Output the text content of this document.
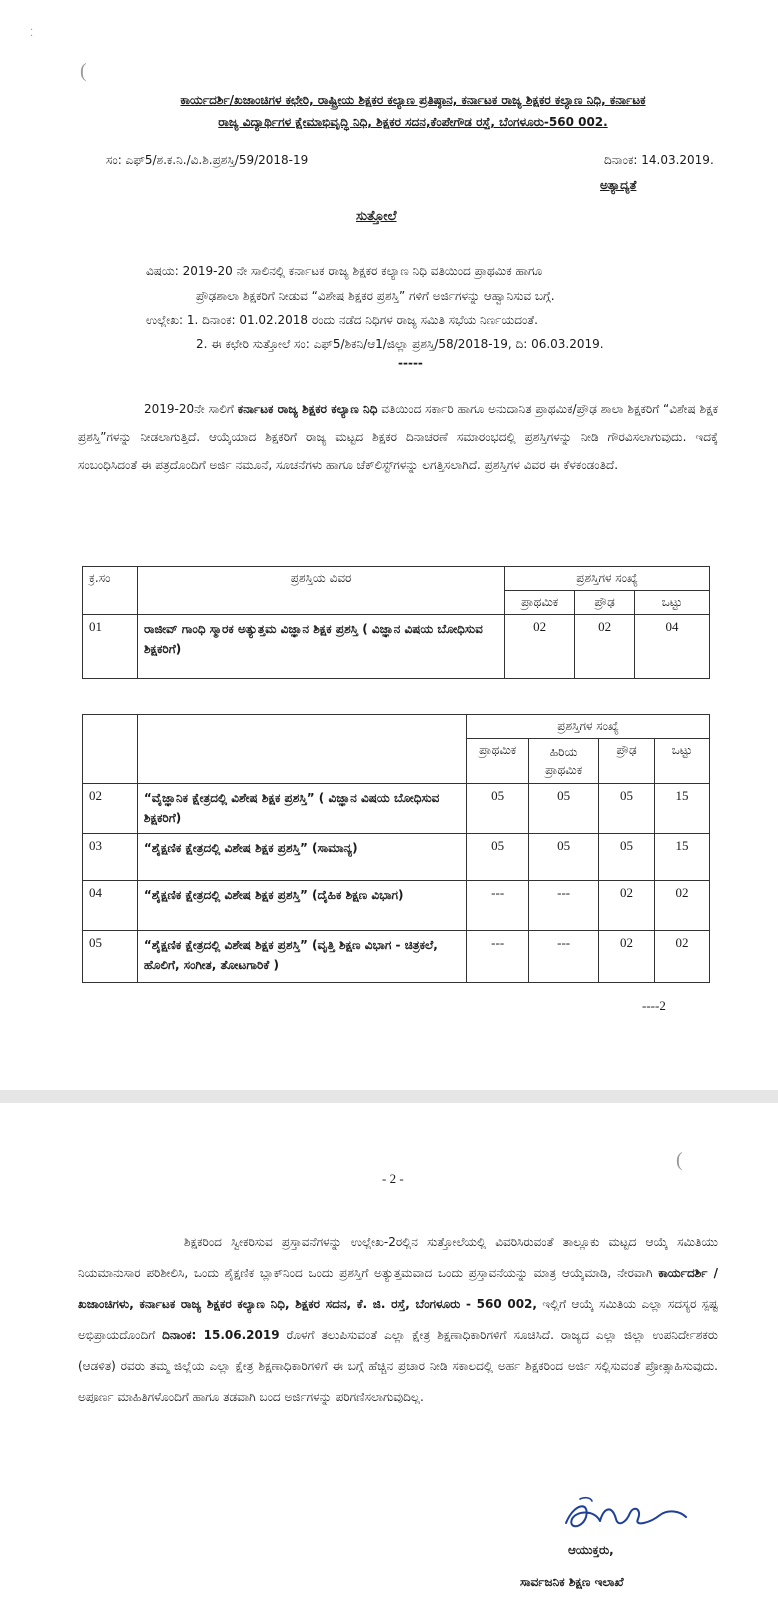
(
⁚
ಕಾರ್ಯದರ್ಶಿ/ಖಜಾಂಚಿಗಳ ಕಛೇರಿ, ರಾಷ್ಟ್ರೀಯ ಶಿಕ್ಷಕರ ಕಲ್ಯಾಣ ಪ್ರತಿಷ್ಠಾನ, ಕರ್ನಾಟಕ ರಾಜ್ಯ ಶಿಕ್ಷಕರ ಕಲ್ಯಾಣ ನಿಧಿ, ಕರ್ನಾಟಕ
ರಾಜ್ಯ ವಿದ್ಯಾರ್ಥಿಗಳ ಕ್ಷೇಮಾಭಿವೃದ್ಧಿ ನಿಧಿ, ಶಿಕ್ಷಕರ ಸದನ,ಕೆಂಪೇಗೌಡ ರಸ್ತೆ, ಬೆಂಗಳೂರು-560 002.
ಸಂ: ಎಫ್5/ಶ.ಕ.ನಿ./ವಿ.ಶಿ.ಪ್ರಶಸ್ತಿ/59/2018-19	ದಿನಾಂಕ: 14.03.2019.
ಅತ್ಯಾದ್ಯತೆ
ಸುತ್ತೋಲೆ
ವಿಷಯ: 2019-20 ನೇ ಸಾಲಿನಲ್ಲಿ ಕರ್ನಾಟಕ ರಾಜ್ಯ ಶಿಕ್ಷಕರ ಕಲ್ಯಾಣ ನಿಧಿ ವತಿಯಿಂದ ಪ್ರಾಥಮಿಕ ಹಾಗೂ
ಪ್ರೌಢಶಾಲಾ ಶಿಕ್ಷಕರಿಗೆ ನೀಡುವ “ವಿಶೇಷ ಶಿಕ್ಷಕರ ಪ್ರಶಸ್ತಿ” ಗಳಿಗೆ ಅರ್ಜಿಗಳನ್ನು ಆಹ್ವಾನಿಸುವ ಬಗ್ಗೆ.
ಉಲ್ಲೇಖ: 1. ದಿನಾಂಕ: 01.02.2018 ರಂದು ನಡೆದ ನಿಧಿಗಳ ರಾಜ್ಯ ಸಮಿತಿ ಸಭೆಯ ನಿರ್ಣಯದಂತೆ.
2. ಈ ಕಛೇರಿ ಸುತ್ತೋಲೆ ಸಂ: ಎಫ್5/ಶಿಕನಿ/ಆ1/ಜಿಲ್ಲಾ ಪ್ರಶಸ್ತಿ/58/2018-19, ದಿ: 06.03.2019.
-----
2019-20ನೇ ಸಾಲಿಗೆ ಕರ್ನಾಟಕ ರಾಜ್ಯ ಶಿಕ್ಷಕರ ಕಲ್ಯಾಣ ನಿಧಿ ವತಿಯಿಂದ ಸರ್ಕಾರಿ ಹಾಗೂ ಅನುದಾನಿತ ಪ್ರಾಥಮಿಕ/ಪ್ರೌಢ ಶಾಲಾ ಶಿಕ್ಷಕರಿಗೆ “ವಿಶೇಷ ಶಿಕ್ಷಕ ಪ್ರಶಸ್ತಿ”ಗಳನ್ನು ನೀಡಲಾಗುತ್ತಿದೆ. ಆಯ್ಕೆಯಾದ ಶಿಕ್ಷಕರಿಗೆ ರಾಜ್ಯ ಮಟ್ಟದ ಶಿಕ್ಷಕರ ದಿನಾಚರಣೆ ಸಮಾರಂಭದಲ್ಲಿ ಪ್ರಶಸ್ತಿಗಳನ್ನು ನೀಡಿ ಗೌರವಿಸಲಾಗುವುದು. ಇದಕ್ಕೆ ಸಂಬಂಧಿಸಿದಂತೆ ಈ ಪತ್ರದೊಂದಿಗೆ ಅರ್ಜಿ ನಮೂನೆ, ಸೂಚನೆಗಳು ಹಾಗೂ ಚೆಕ್‌ಲಿಸ್ಟ್‌ಗಳನ್ನು ಲಗತ್ತಿಸಲಾಗಿದೆ. ಪ್ರಶಸ್ತಿಗಳ ವಿವರ ಈ ಕೆಳಕಂಡಂತಿದೆ.
ಕ್ರ.ಸಂ	ಪ್ರಶಸ್ತಿಯ ವಿವರ	ಪ್ರಶಸ್ತಿಗಳ ಸಂಖ್ಯೆ		
		ಪ್ರಾಥಮಿಕ	ಪ್ರೌಢ	ಒಟ್ಟು
01	ರಾಜೀವ್ ಗಾಂಧಿ ಸ್ಮಾರಕ ಅತ್ಯುತ್ತಮ ವಿಜ್ಞಾನ ಶಿಕ್ಷಕ ಪ್ರಶಸ್ತಿ ( ವಿಜ್ಞಾನ ವಿಷಯ ಬೋಧಿಸುವ ಶಿಕ್ಷಕರಿಗೆ)	02	02	04
		ಪ್ರಶಸ್ತಿಗಳ ಸಂಖ್ಯೆ			
		ಪ್ರಾಥಮಿಕ	ಹಿರಿಯ ಪ್ರಾಥಮಿಕ	ಪ್ರೌಢ	ಒಟ್ಟು
02	“ವೈಜ್ಞಾನಿಕ ಕ್ಷೇತ್ರದಲ್ಲಿ ವಿಶೇಷ ಶಿಕ್ಷಕ ಪ್ರಶಸ್ತಿ” ( ವಿಜ್ಞಾನ ವಿಷಯ ಬೋಧಿಸುವ ಶಿಕ್ಷಕರಿಗೆ)	05	05	05	15
03	“ಶೈಕ್ಷಣಿಕ ಕ್ಷೇತ್ರದಲ್ಲಿ ವಿಶೇಷ ಶಿಕ್ಷಕ ಪ್ರಶಸ್ತಿ” (ಸಾಮಾನ್ಯ)	05	05	05	15
04	“ಶೈಕ್ಷಣಿಕ ಕ್ಷೇತ್ರದಲ್ಲಿ ವಿಶೇಷ ಶಿಕ್ಷಕ ಪ್ರಶಸ್ತಿ” (ದೈಹಿಕ ಶಿಕ್ಷಣ ವಿಭಾಗ)	---	---	02	02
05	“ಶೈಕ್ಷಣಿಕ ಕ್ಷೇತ್ರದಲ್ಲಿ ವಿಶೇಷ ಶಿಕ್ಷಕ ಪ್ರಶಸ್ತಿ” (ವೃತ್ತಿ ಶಿಕ್ಷಣ ವಿಭಾಗ - ಚಿತ್ರಕಲೆ, ಹೊಲಿಗೆ, ಸಂಗೀತ, ತೋಟಗಾರಿಕೆ )	---	---	02	02
----2
(
- 2 -
ಶಿಕ್ಷಕರಿಂದ ಸ್ವೀಕರಿಸುವ ಪ್ರಸ್ತಾವನೆಗಳನ್ನು ಉಲ್ಲೇಖ-2ರಲ್ಲಿನ ಸುತ್ತೋಲೆಯಲ್ಲಿ ವಿವರಿಸಿರುವಂತೆ ತಾಲ್ಲೂಕು ಮಟ್ಟದ ಆಯ್ಕೆ ಸಮಿತಿಯು ನಿಯಮಾನುಸಾರ ಪರಿಶೀಲಿಸಿ, ಒಂದು ಶೈಕ್ಷಣಿಕ ಬ್ಲಾಕ್‌ನಿಂದ ಒಂದು ಪ್ರಶಸ್ತಿಗೆ ಅತ್ಯುತ್ತಮವಾದ ಒಂದು ಪ್ರಸ್ತಾವನೆಯನ್ನು ಮಾತ್ರ ಆಯ್ಕೆಮಾಡಿ, ನೇರವಾಗಿ ಕಾರ್ಯದರ್ಶಿ / ಖಜಾಂಚಿಗಳು, ಕರ್ನಾಟಕ ರಾಜ್ಯ ಶಿಕ್ಷಕರ ಕಲ್ಯಾಣ ನಿಧಿ, ಶಿಕ್ಷಕರ ಸದನ, ಕೆ. ಜಿ. ರಸ್ತೆ, ಬೆಂಗಳೂರು - 560 002, ಇಲ್ಲಿಗೆ ಆಯ್ಕೆ ಸಮಿತಿಯ ಎಲ್ಲಾ ಸದಸ್ಯರ ಸ್ಪಷ್ಟ ಅಭಿಪ್ರಾಯದೊಂದಿಗೆ ದಿನಾಂಕ: 15.06.2019 ರೊಳಗೆ ತಲುಪಿಸುವಂತೆ ಎಲ್ಲಾ ಕ್ಷೇತ್ರ ಶಿಕ್ಷಣಾಧಿಕಾರಿಗಳಿಗೆ ಸೂಚಿಸಿದೆ. ರಾಜ್ಯದ ಎಲ್ಲಾ ಜಿಲ್ಲಾ ಉಪನಿರ್ದೇಶಕರು (ಆಡಳಿತ) ರವರು ತಮ್ಮ ಜಿಲ್ಲೆಯ ಎಲ್ಲಾ ಕ್ಷೇತ್ರ ಶಿಕ್ಷಣಾಧಿಕಾರಿಗಳಿಗೆ ಈ ಬಗ್ಗೆ ಹೆಚ್ಚಿನ ಪ್ರಚಾರ ನೀಡಿ ಸಕಾಲದಲ್ಲಿ ಅರ್ಹ ಶಿಕ್ಷಕರಿಂದ ಅರ್ಜಿ ಸಲ್ಲಿಸುವಂತೆ ಪ್ರೋತ್ಸಾಹಿಸುವುದು. ಅಪೂರ್ಣ ಮಾಹಿತಿಗಳೊಂದಿಗೆ ಹಾಗೂ ತಡವಾಗಿ ಬಂದ ಅರ್ಜಿಗಳನ್ನು ಪರಿಗಣಿಸಲಾಗುವುದಿಲ್ಲ.
ಆಯುಕ್ತರು,
ಸಾರ್ವಜನಿಕ ಶಿಕ್ಷಣ ಇಲಾಖೆ
